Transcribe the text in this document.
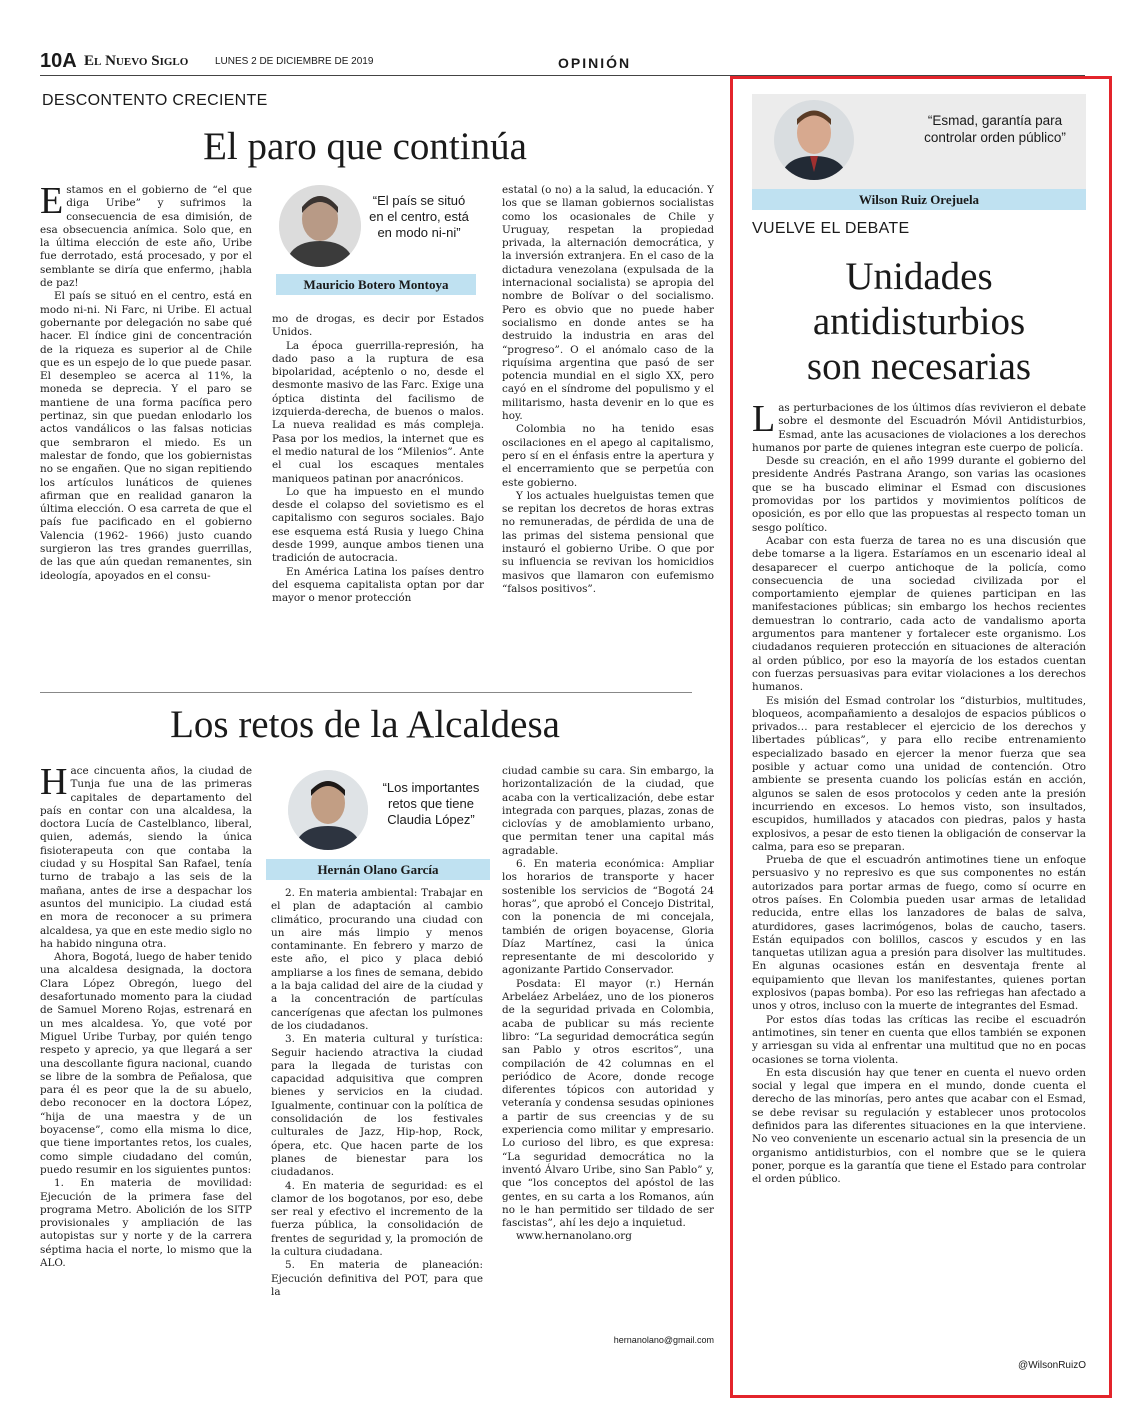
10A El Nuevo Siglo	LUNES 2 DE DICIEMBRE DE 2019	OPINIÓN
DESCONTENTO CRECIENTE
El paro que continúa

Estamos en el gobierno de “el que diga Uribe” y sufrimos la consecuencia de esa dimisión, de esa obsecuencia anímica. Solo que, en la última elección de este año, Uribe fue derrotado, está procesado, y por el semblante se diría que enfermo, ¡habla de paz!

El país se situó en el centro, está en modo ni-ni. Ni Farc, ni Uribe. El actual gobernante por delegación no sabe qué hacer. El índice gini de concentración de la riqueza es superior al de Chile que es un espejo de lo que puede pasar. El desempleo se acerca al 11%, la moneda se deprecia. Y el paro se mantiene de una forma pacífica pero pertinaz, sin que puedan enlodarlo los actos vandálicos o las falsas noticias que sembraron el miedo. Es un malestar de fondo, que los gobiernistas no se engañen. Que no sigan repitiendo los artículos lunáticos de quienes afirman que en realidad ganaron la última elección. O esa carreta de que el país fue pacificado en el gobierno Valencia (1962- 1966) justo cuando surgieron las tres grandes guerrillas, de las que aún quedan remanentes, sin ideología, apoyados en el consu-

“El país se situó en el centro, está en modo ni-ni”
Mauricio Botero Montoya

mo de drogas, es decir por Estados Unidos.

La época guerrilla-represión, ha dado paso a la ruptura de esa bipolaridad, acéptenlo o no, desde el desmonte masivo de las Farc. Exige una óptica distinta del facilismo de izquierda-derecha, de buenos o malos. La nueva realidad es más compleja. Pasa por los medios, la internet que es el medio natural de los “Milenios”. Ante el cual los escaques mentales maniqueos patinan por anacrónicos.

Lo que ha impuesto en el mundo desde el colapso del sovietismo es el capitalismo con seguros sociales. Bajo ese esquema está Rusia y luego China desde 1999, aunque ambos tienen una tradición de autocracia.

En América Latina los países dentro del esquema capitalista optan por dar mayor o menor protección

estatal (o no) a la salud, la educación. Y los que se llaman gobiernos socialistas como los ocasionales de Chile y Uruguay, respetan la propiedad privada, la alternación democrática, y la inversión extranjera. En el caso de la dictadura venezolana (expulsada de la internacional socialista) se apropia del nombre de Bolívar o del socialismo. Pero es obvio que no puede haber socialismo en donde antes se ha destruido la industria en aras del “progreso”. O el anómalo caso de la riquísima argentina que pasó de ser potencia mundial en el siglo XX, pero cayó en el síndrome del populismo y el militarismo, hasta devenir en lo que es hoy.

Colombia no ha tenido esas oscilaciones en el apego al capitalismo, pero sí en el énfasis entre la apertura y el encerramiento que se perpetúa con este gobierno.

Y los actuales huelguistas temen que se repitan los decretos de horas extras no remuneradas, de pérdida de una de las primas del sistema pensional que instauró el gobierno Uribe. O que por su influencia se revivan los homicidios masivos que llamaron con eufemismo “falsos positivos”.

Los retos de la Alcaldesa

Hace cincuenta años, la ciudad de Tunja fue una de las primeras capitales de departamento del país en contar con una alcaldesa, la doctora Lucía de Castelblanco, liberal, quien, además, siendo la única fisioterapeuta con que contaba la ciudad y su Hospital San Rafael, tenía turno de trabajo a las seis de la mañana, antes de irse a despachar los asuntos del municipio. La ciudad está en mora de reconocer a su primera alcaldesa, ya que en este medio siglo no ha habido ninguna otra.

Ahora, Bogotá, luego de haber tenido una alcaldesa designada, la doctora Clara López Obregón, luego del desafortunado momento para la ciudad de Samuel Moreno Rojas, estrenará en un mes alcaldesa. Yo, que voté por Miguel Uribe Turbay, por quién tengo respeto y aprecio, ya que llegará a ser una descollante figura nacional, cuando se libre de la sombra de Peñalosa, que para él es peor que la de su abuelo, debo reconocer en la doctora López, “hija de una maestra y de un boyacense”, como ella misma lo dice, que tiene importantes retos, los cuales, como simple ciudadano del común, puedo resumir en los siguientes puntos:

1. En materia de movilidad: Ejecución de la primera fase del programa Metro. Abolición de los SITP provisionales y ampliación de las autopistas sur y norte y de la carrera séptima hacia el norte, lo mismo que la ALO.

“Los importantes retos que tiene Claudia López”
Hernán Olano García

2. En materia ambiental: Trabajar en el plan de adaptación al cambio climático, procurando una ciudad con un aire más limpio y menos contaminante. En febrero y marzo de este año, el pico y placa debió ampliarse a los fines de semana, debido a la baja calidad del aire de la ciudad y a la concentración de partículas cancerígenas que afectan los pulmones de los ciudadanos.

3. En materia cultural y turística: Seguir haciendo atractiva la ciudad para la llegada de turistas con capacidad adquisitiva que compren bienes y servicios en la ciudad. Igualmente, continuar con la política de consolidación de los festivales culturales de Jazz, Hip-hop, Rock, ópera, etc. Que hacen parte de los planes de bienestar para los ciudadanos.

4. En materia de seguridad: es el clamor de los bogotanos, por eso, debe ser real y efectivo el incremento de la fuerza pública, la consolidación de frentes de seguridad y, la promoción de la cultura ciudadana.

5. En materia de planeación: Ejecución definitiva del POT, para que la

ciudad cambie su cara. Sin embargo, la horizontalización de la ciudad, que acaba con la verticalización, debe estar integrada con parques, plazas, zonas de ciclovías y de amoblamiento urbano, que permitan tener una capital más agradable.

6. En materia económica: Ampliar los horarios de transporte y hacer sostenible los servicios de “Bogotá 24 horas”, que aprobó el Concejo Distrital, con la ponencia de mi concejala, también de origen boyacense, Gloria Díaz Martínez, casi la única representante de mi descolorido y agonizante Partido Conservador.

Posdata: El mayor (r.) Hernán Arbeláez Arbeláez, uno de los pioneros de la seguridad privada en Colombia, acaba de publicar su más reciente libro: “La seguridad democrática según san Pablo y otros escritos”, una compilación de 42 columnas en el periódico de Acore, donde recoge diferentes tópicos con autoridad y veteranía y condensa sesudas opiniones a partir de sus creencias y de su experiencia como militar y empresario. Lo curioso del libro, es que expresa: “La seguridad democrática no la inventó Álvaro Uribe, sino San Pablo” y, que “los conceptos del apóstol de las gentes, en su carta a los Romanos, aún no le han permitido ser tildado de ser fascistas”, ahí les dejo a inquietud.

www.hernanolano.org

hernanolano@gmail.com
“Esmad, garantía para controlar orden público”
Wilson Ruiz Orejuela
VUELVE EL DEBATE
Unidades
antidisturbios
son necesarias

Las perturbaciones de los últimos días revivieron el debate sobre el desmonte del Escuadrón Móvil Antidisturbios, Esmad, ante las acusaciones de violaciones a los derechos humanos por parte de quienes integran este cuerpo de policía.

Desde su creación, en el año 1999 durante el gobierno del presidente Andrés Pastrana Arango, son varias las ocasiones que se ha buscado eliminar el Esmad con discusiones promovidas por los partidos y movimientos políticos de oposición, es por ello que las propuestas al respecto toman un sesgo político.

Acabar con esta fuerza de tarea no es una discusión que debe tomarse a la ligera. Estaríamos en un escenario ideal al desaparecer el cuerpo antichoque de la policía, como consecuencia de una sociedad civilizada por el comportamiento ejemplar de quienes participan en las manifestaciones públicas; sin embargo los hechos recientes demuestran lo contrario, cada acto de vandalismo aporta argumentos para mantener y fortalecer este organismo. Los ciudadanos requieren protección en situaciones de alteración al orden público, por eso la mayoría de los estados cuentan con fuerzas persuasivas para evitar violaciones a los derechos humanos.

Es misión del Esmad controlar los “disturbios, multitudes, bloqueos, acompañamiento a desalojos de espacios públicos o privados… para restablecer el ejercicio de los derechos y libertades públicas”, y para ello recibe entrenamiento especializado basado en ejercer la menor fuerza que sea posible y actuar como una unidad de contención. Otro ambiente se presenta cuando los policías están en acción, algunos se salen de esos protocolos y ceden ante la presión incurriendo en excesos. Lo hemos visto, son insultados, escupidos, humillados y atacados con piedras, palos y hasta explosivos, a pesar de esto tienen la obligación de conservar la calma, para eso se preparan.

Prueba de que el escuadrón antimotines tiene un enfoque persuasivo y no represivo es que sus componentes no están autorizados para portar armas de fuego, como sí ocurre en otros países. En Colombia pueden usar armas de letalidad reducida, entre ellas los lanzadores de balas de salva, aturdidores, gases lacrimógenos, bolas de caucho, tasers. Están equipados con bolillos, cascos y escudos y en las tanquetas utilizan agua a presión para disolver las multitudes. En algunas ocasiones están en desventaja frente al equipamiento que llevan los manifestantes, quienes portan explosivos (papas bomba). Por eso las refriegas han afectado a unos y otros, incluso con la muerte de integrantes del Esmad.

Por estos días todas las críticas las recibe el escuadrón antimotines, sin tener en cuenta que ellos también se exponen y arriesgan su vida al enfrentar una multitud que no en pocas ocasiones se torna violenta.

En esta discusión hay que tener en cuenta el nuevo orden social y legal que impera en el mundo, donde cuenta el derecho de las minorías, pero antes que acabar con el Esmad, se debe revisar su regulación y establecer unos protocolos definidos para las diferentes situaciones en la que interviene. No veo conveniente un escenario actual sin la presencia de un organismo antidisturbios, con el nombre que se le quiera poner, porque es la garantía que tiene el Estado para controlar el orden público.

@WilsonRuizO
